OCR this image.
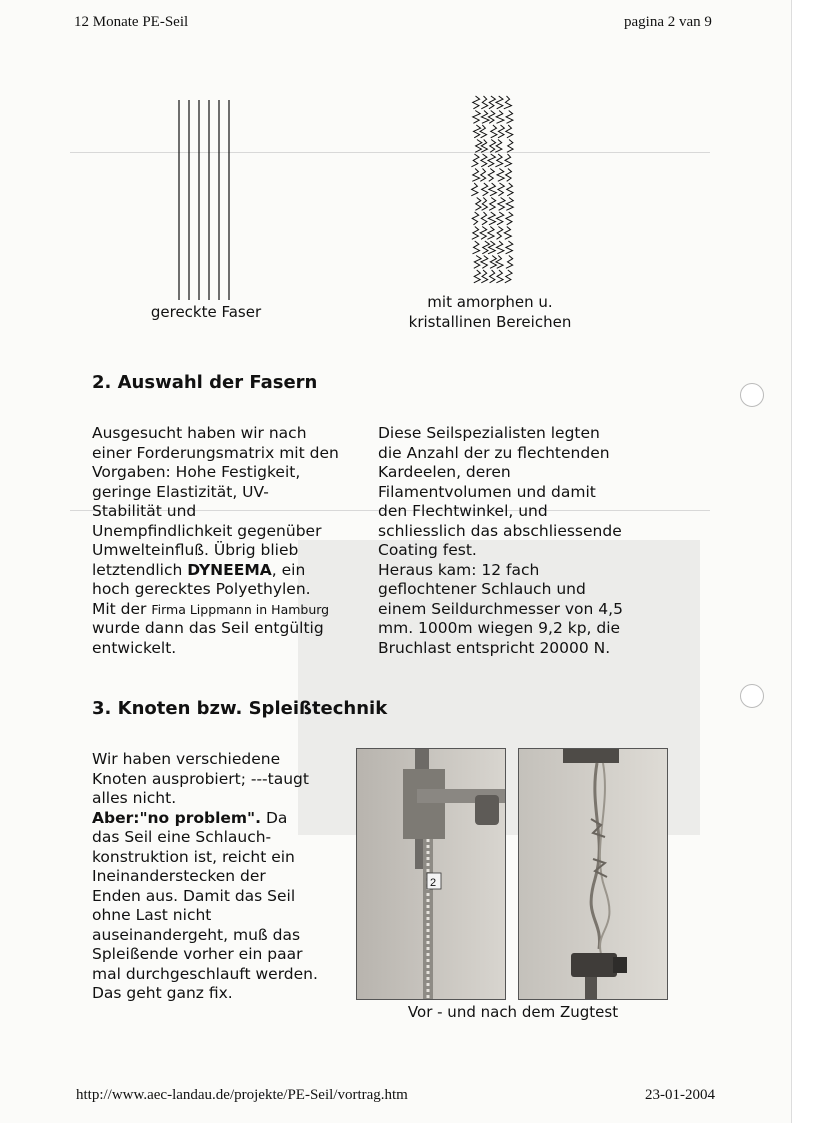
12 Monate PE-Seil	pagina 2 van 9
gereckte Faser
mit amorphen u.
kristallinen Bereichen
2. Auswahl der Fasern
Ausgesucht haben wir nach
einer Forderungsmatrix mit den
Vorgaben: Hohe Festigkeit,
geringe Elastizität, UV-
Stabilität und
Unempfindlichkeit gegenüber
Umwelteinfluß. Übrig blieb
letztendlich DYNEEMA, ein
hoch gerecktes Polyethylen.
Mit der Firma Lippmann in Hamburg
wurde dann das Seil entgültig
entwickelt.
Diese Seilspezialisten legten
die Anzahl der zu flechtenden
Kardeelen, deren
Filamentvolumen und damit
den Flechtwinkel, und
schliesslich das abschliessende
Coating fest.
Heraus kam: 12 fach
geflochtener Schlauch und
einem Seildurchmesser von 4,5
mm. 1000m wiegen 9,2 kp, die
Bruchlast entspricht 20000 N.
3. Knoten bzw. Spleißtechnik
Wir haben verschiedene
Knoten ausprobiert; ---taugt
alles nicht.
Aber:"no problem". Da
das Seil eine Schlauch-
konstruktion ist, reicht ein
Ineinanderstecken der
Enden aus. Damit das Seil
ohne Last nicht
auseinandergeht, muß das
Spleißende vorher ein paar
mal durchgeschlauft werden.
Das geht ganz fix.
2
Vor - und nach dem Zugtest
http://www.aec-landau.de/projekte/PE-Seil/vortrag.htm	23-01-2004
